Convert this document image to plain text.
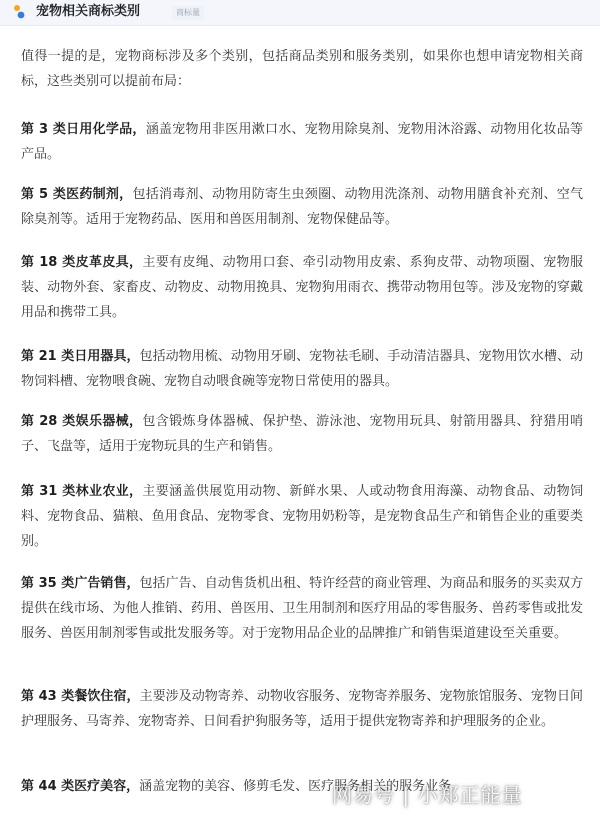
宠物相关商标类别	商标量

值得一提的是，宠物商标涉及多个类别，包括商品类别和服务类别，如果你也想申请宠物相关商标，这些类别可以提前布局：

第 3 类日用化学品，涵盖宠物用非医用漱口水、宠物用除臭剂、宠物用沐浴露、动物用化妆品等产品。

第 5 类医药制剂，包括消毒剂、动物用防寄生虫颈圈、动物用洗涤剂、动物用膳食补充剂、空气除臭剂等。适用于宠物药品、医用和兽医用制剂、宠物保健品等。

第 18 类皮革皮具，主要有皮绳、动物用口套、牵引动物用皮索、系狗皮带、动物项圈、宠物服装、动物外套、家畜皮、动物皮、动物用挽具、宠物狗用雨衣、携带动物用包等。涉及宠物的穿戴用品和携带工具。

第 21 类日用器具，包括动物用梳、动物用牙刷、宠物祛毛刷、手动清洁器具、宠物用饮水槽、动物饲料槽、宠物喂食碗、宠物自动喂食碗等宠物日常使用的器具。

第 28 类娱乐器械，包含锻炼身体器械、保护垫、游泳池、宠物用玩具、射箭用器具、狩猎用哨子、飞盘等，适用于宠物玩具的生产和销售。

第 31 类林业农业，主要涵盖供展览用动物、新鲜水果、人或动物食用海藻、动物食品、动物饲料、宠物食品、猫粮、鱼用食品、宠物零食、宠物用奶粉等，是宠物食品生产和销售企业的重要类别。

第 35 类广告销售，包括广告、自动售货机出租、特许经营的商业管理、为商品和服务的买卖双方提供在线市场、为他人推销、药用、兽医用、卫生用制剂和医疗用品的零售服务、兽药零售或批发服务、兽医用制剂零售或批发服务等。对于宠物用品企业的品牌推广和销售渠道建设至关重要。

第 43 类餐饮住宿，主要涉及动物寄养、动物收容服务、宠物寄养服务、宠物旅馆服务、宠物日间护理服务、马寄养、宠物寄养、日间看护狗服务等，适用于提供宠物寄养和护理服务的企业。

第 44 类医疗美容，涵盖宠物的美容、修剪毛发、医疗服务相关的服务业务

网易号 | 小郑正能量
